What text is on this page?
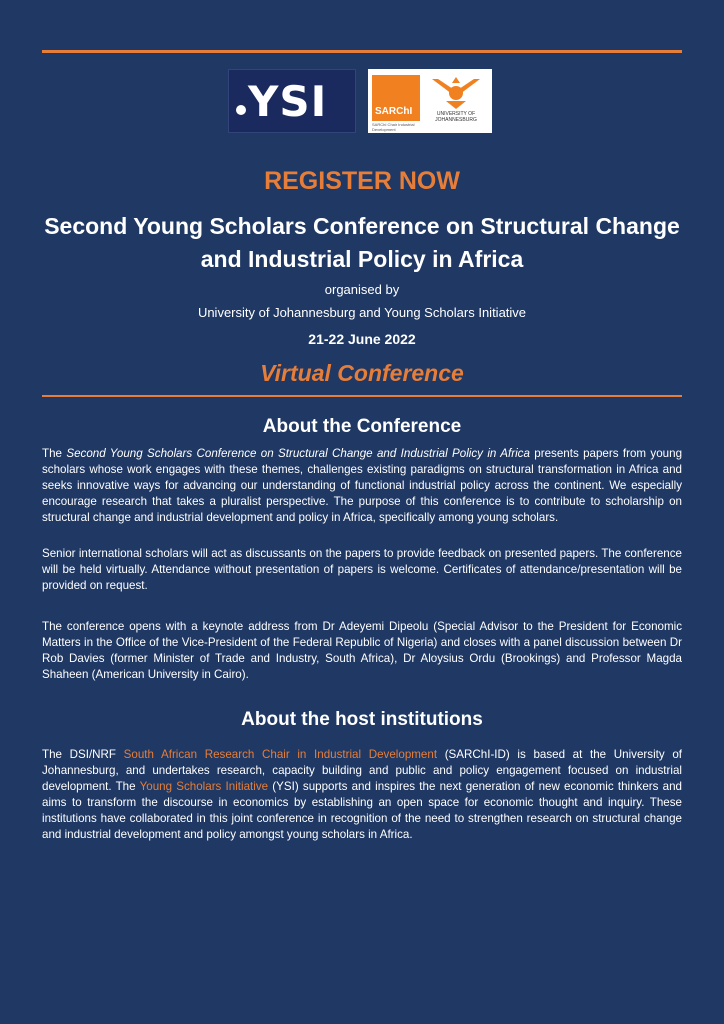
YSI	SARChI
SARChI Chair Industrial Development
UNIVERSITY OF JOHANNESBURG
REGISTER NOW
Second Young Scholars Conference on Structural Change and Industrial Policy in Africa
organised by
University of Johannesburg and Young Scholars Initiative
21-22 June 2022
Virtual Conference
About the Conference
The Second Young Scholars Conference on Structural Change and Industrial Policy in Africa presents papers from young scholars whose work engages with these themes, challenges existing paradigms on structural transformation in Africa and seeks innovative ways for advancing our understanding of functional industrial policy across the continent. We especially encourage research that takes a pluralist perspective. The purpose of this conference is to contribute to scholarship on structural change and industrial development and policy in Africa, specifically among young scholars.
Senior international scholars will act as discussants on the papers to provide feedback on presented papers. The conference will be held virtually. Attendance without presentation of papers is welcome. Certificates of attendance/presentation will be provided on request.
The conference opens with a keynote address from Dr Adeyemi Dipeolu (Special Advisor to the President for Economic Matters in the Office of the Vice-President of the Federal Republic of Nigeria) and closes with a panel discussion between Dr Rob Davies (former Minister of Trade and Industry, South Africa), Dr Aloysius Ordu (Brookings) and Professor Magda Shaheen (American University in Cairo).
About the host institutions
The DSI/NRF South African Research Chair in Industrial Development (SARChI-ID) is based at the University of Johannesburg, and undertakes research, capacity building and public and policy engagement focused on industrial development. The Young Scholars Initiative (YSI) supports and inspires the next generation of new economic thinkers and aims to transform the discourse in economics by establishing an open space for economic thought and inquiry. These institutions have collaborated in this joint conference in recognition of the need to strengthen research on structural change and industrial development and policy amongst young scholars in Africa.
